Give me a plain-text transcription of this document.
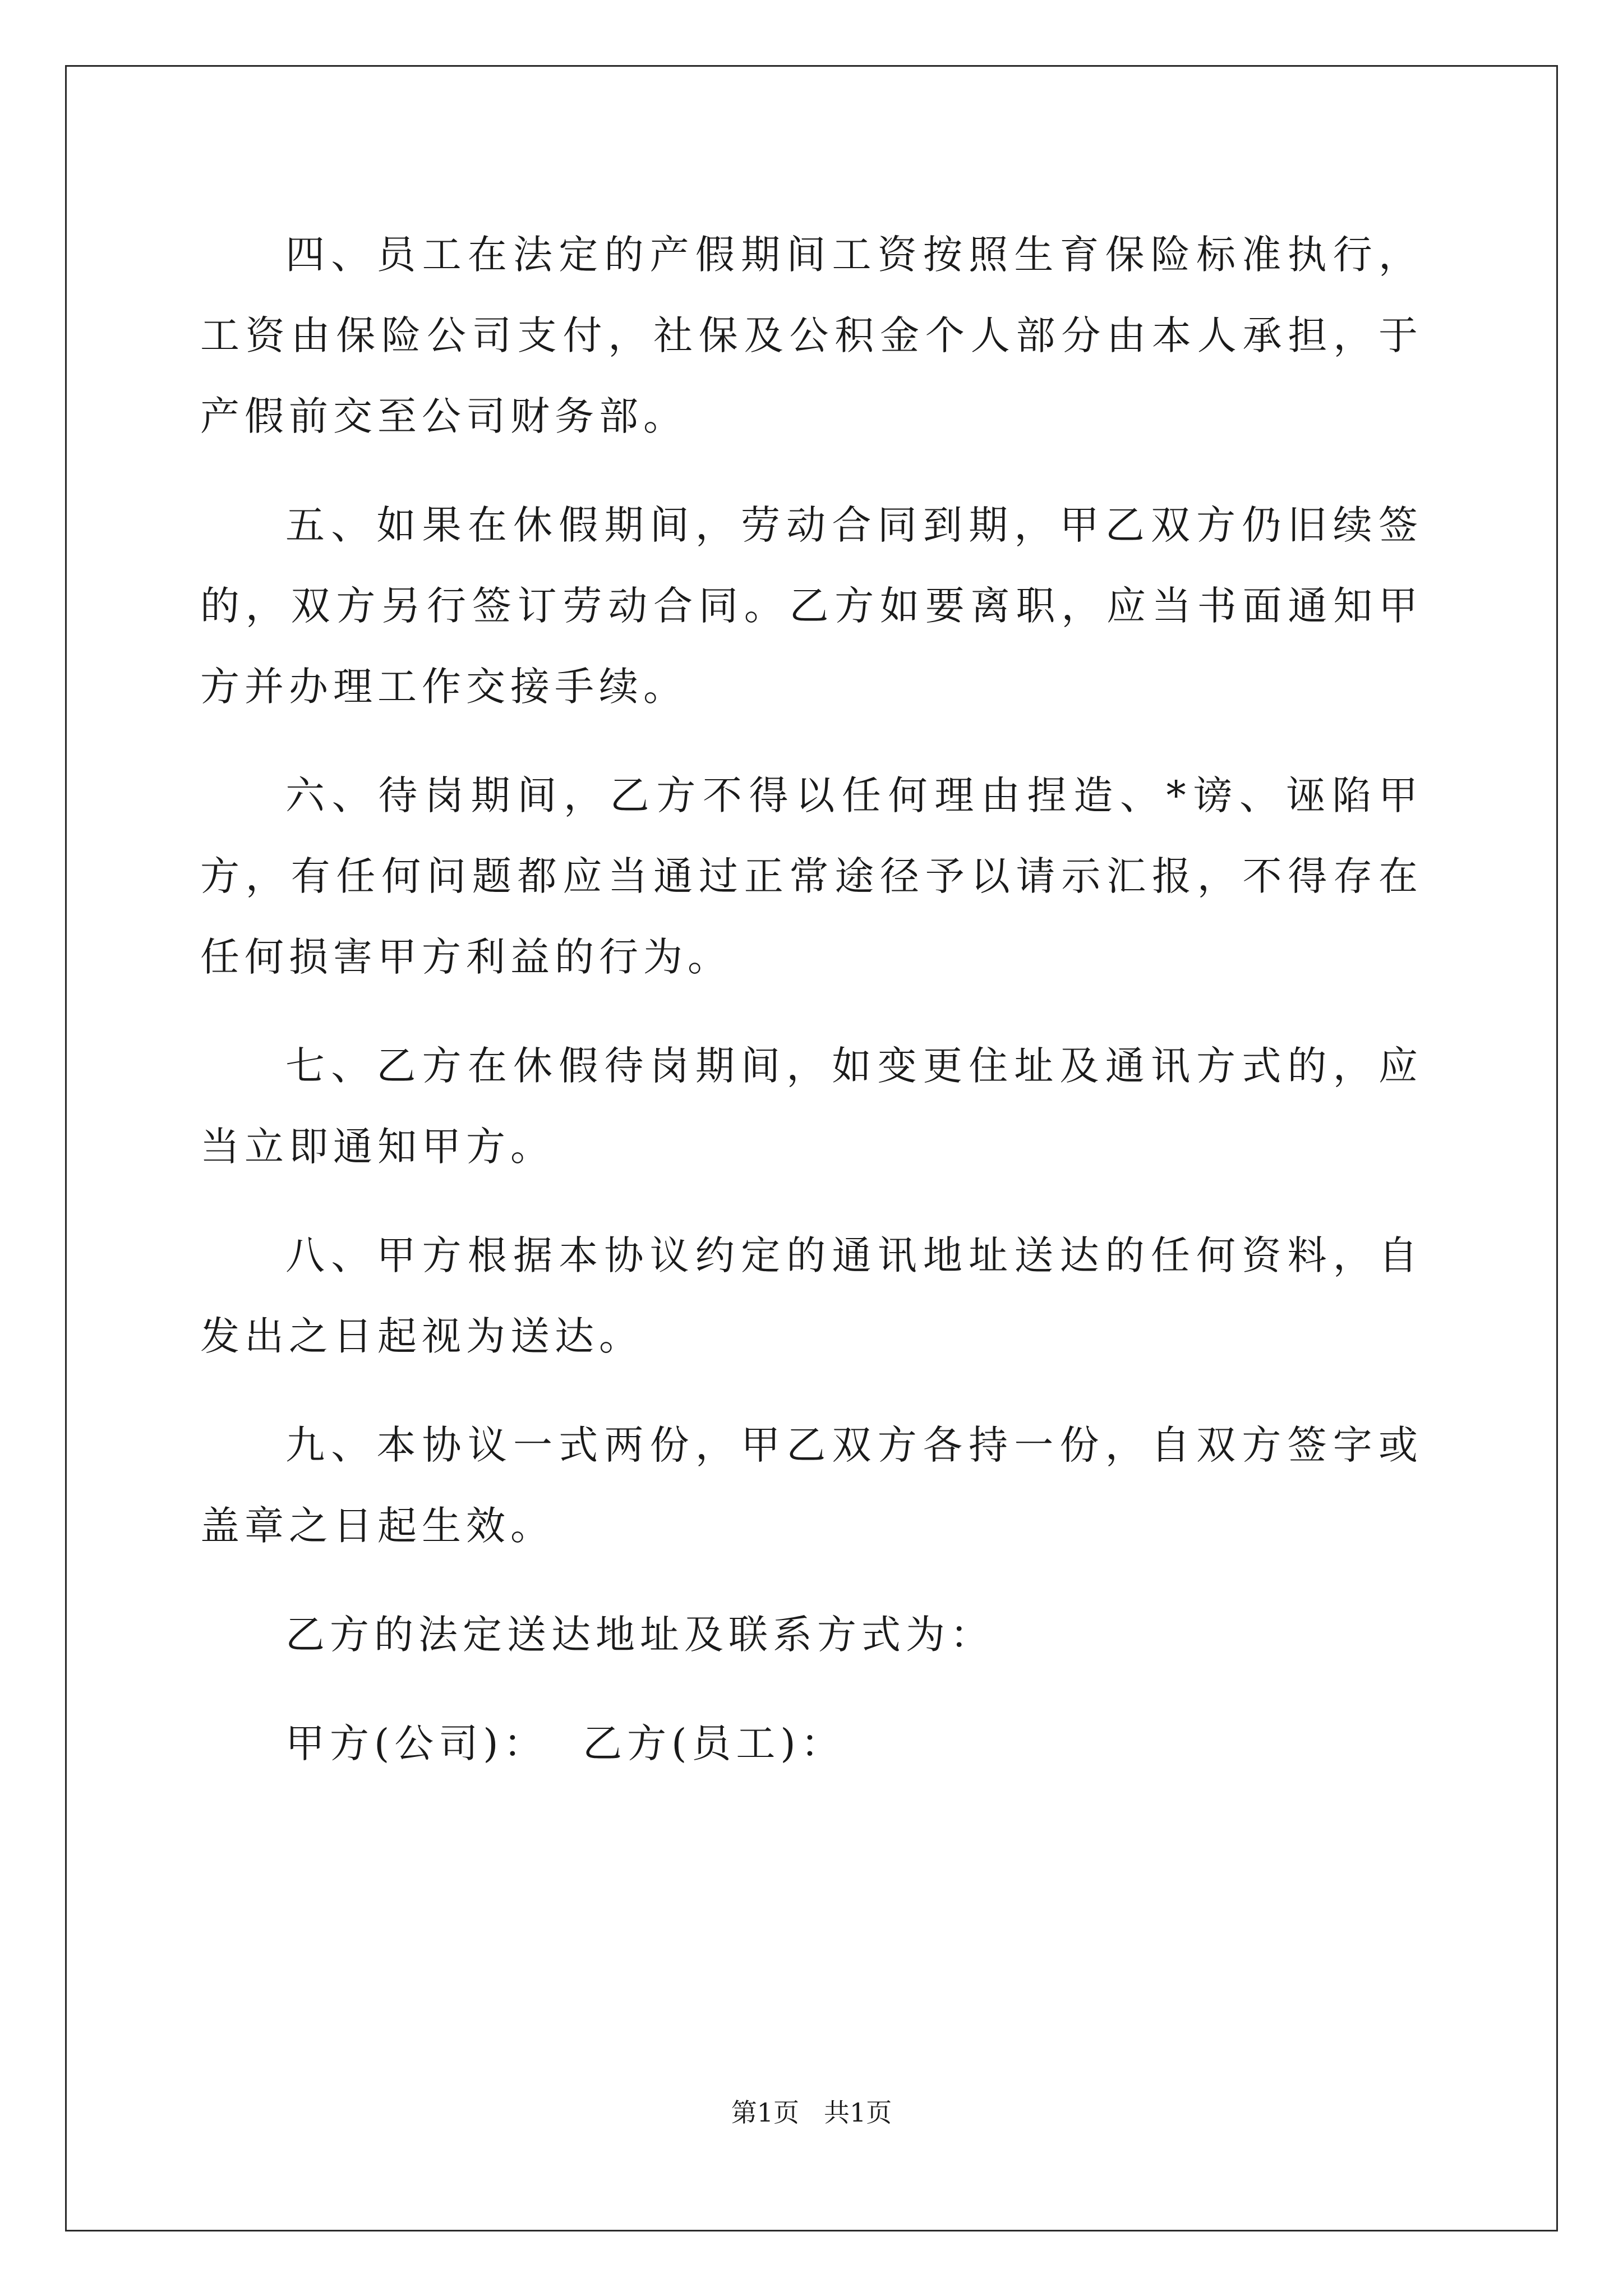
四、员工在法定的产假期间工资按照生育保险标准执行，工资由保险公司支付，社保及公积金个人部分由本人承担，于产假前交至公司财务部。

五、如果在休假期间，劳动合同到期，甲乙双方仍旧续签的，双方另行签订劳动合同。乙方如要离职，应当书面通知甲方并办理工作交接手续。

六、待岗期间，乙方不得以任何理由捏造、*谤、诬陷甲方，有任何问题都应当通过正常途径予以请示汇报，不得存在任何损害甲方利益的行为。

七、乙方在休假待岗期间，如变更住址及通讯方式的，应当立即通知甲方。

八、甲方根据本协议约定的通讯地址送达的任何资料，自发出之日起视为送达。

九、本协议一式两份，甲乙双方各持一份，自双方签字或盖章之日起生效。

乙方的法定送达地址及联系方式为：

甲方(公司)：  乙方(员工)：

第1页 共1页
